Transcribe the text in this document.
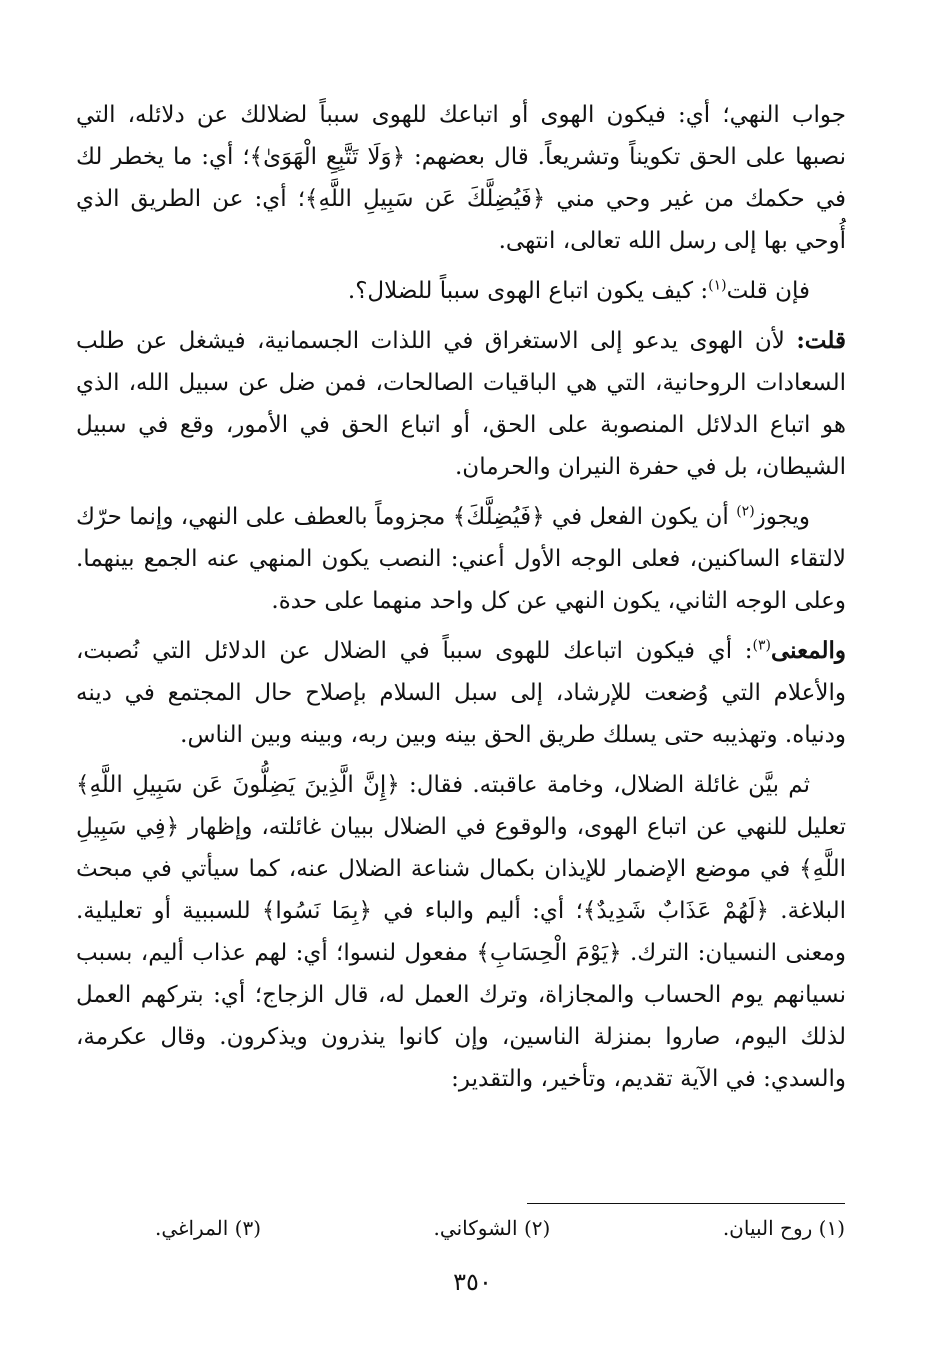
جواب النهي؛ أي: فيكون الهوى أو اتباعك للهوى سبباً لضلالك عن دلائله، التي نصبها على الحق تكويناً وتشريعاً. قال بعضهم: ﴿وَلَا تَتَّبِعِ الْهَوَىٰ﴾؛ أي: ما يخطر لك في حكمك من غير وحي مني ﴿فَيُضِلَّكَ عَن سَبِيلِ اللَّهِ﴾؛ أي: عن الطريق الذي أُوحي بها إلى رسل الله تعالى، انتهى.

فإن قلت$^{(١)}$: كيف يكون اتباع الهوى سبباً للضلال؟.

قلت: لأن الهوى يدعو إلى الاستغراق في اللذات الجسمانية، فيشغل عن طلب السعادات الروحانية، التي هي الباقيات الصالحات، فمن ضل عن سبيل الله، الذي هو اتباع الدلائل المنصوبة على الحق، أو اتباع الحق في الأمور، وقع في سبيل الشيطان، بل في حفرة النيران والحرمان.

ويجوز$^{(٢)}$ أن يكون الفعل في ﴿فَيُضِلَّكَ﴾ مجزوماً بالعطف على النهي، وإنما حرّك لالتقاء الساكنين، فعلى الوجه الأول أعني: النصب يكون المنهي عنه الجمع بينهما. وعلى الوجه الثاني، يكون النهي عن كل واحد منهما على حدة.

والمعنى$^{(٣)}$: أي فيكون اتباعك للهوى سبباً في الضلال عن الدلائل التي نُصبت، والأعلام التي وُضعت للإرشاد، إلى سبل السلام بإصلاح حال المجتمع في دينه ودنياه. وتهذيبه حتى يسلك طريق الحق بينه وبين ربه، وبينه وبين الناس.

ثم بيَّن غائلة الضلال، وخامة عاقبته. فقال: ﴿إِنَّ الَّذِينَ يَضِلُّونَ عَن سَبِيلِ اللَّهِ﴾ تعليل للنهي عن اتباع الهوى، والوقوع في الضلال ببيان غائلته، وإظهار ﴿فِي سَبِيلِ اللَّهِ﴾ في موضع الإضمار للإيذان بكمال شناعة الضلال عنه، كما سيأتي في مبحث البلاغة. ﴿لَهُمْ عَذَابٌ شَدِيدٌ﴾؛ أي: أليم والباء في ﴿بِمَا نَسُوا﴾ للسببية أو تعليلية. ومعنى النسيان: الترك. ﴿يَوْمَ الْحِسَابِ﴾ مفعول لنسوا؛ أي: لهم عذاب أليم، بسبب نسيانهم يوم الحساب والمجازاة، وترك العمل له، قال الزجاج؛ أي: بتركهم العمل لذلك اليوم، صاروا بمنزلة الناسين، وإن كانوا ينذرون ويذكرون. وقال عكرمة، والسدي: في الآية تقديم، وتأخير، والتقدير:

(١) روح البيان.
(٢) الشوكاني.
(٣) المراغي.
٣٥٠
